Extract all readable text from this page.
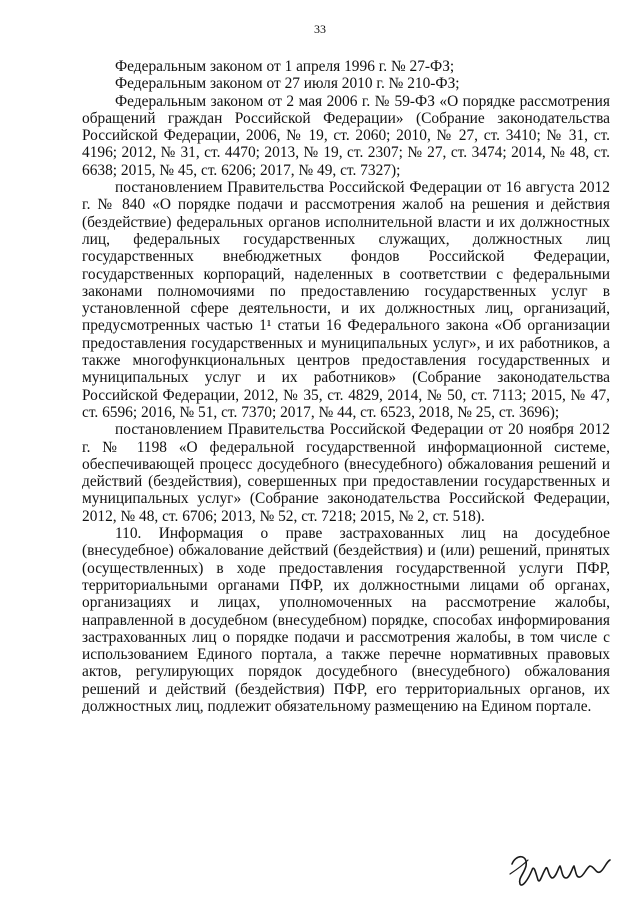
33

Федеральным законом от 1 апреля 1996 г. № 27-ФЗ;

Федеральным законом от 27 июля 2010 г. № 210-ФЗ;

Федеральным законом от 2 мая 2006 г. № 59-ФЗ «О порядке рассмотрения обращений граждан Российской Федерации» (Собрание законодательства Российской Федерации, 2006, № 19, ст. 2060; 2010, № 27, ст. 3410; № 31, ст. 4196; 2012, № 31, ст. 4470; 2013, № 19, ст. 2307; № 27, ст. 3474; 2014, № 48, ст. 6638; 2015, № 45, ст. 6206; 2017, № 49, ст. 7327);

постановлением Правительства Российской Федерации от 16 августа 2012 г. № 840 «О порядке подачи и рассмотрения жалоб на решения и действия (бездействие) федеральных органов исполнительной власти и их должностных лиц, федеральных государственных служащих, должностных лиц государственных внебюджетных фондов Российской Федерации, государственных корпораций, наделенных в соответствии с федеральными законами полномочиями по предоставлению государственных услуг в установленной сфере деятельности, и их должностных лиц, организаций, предусмотренных частью 1¹ статьи 16 Федерального закона «Об организации предоставления государственных и муниципальных услуг», и их работников, а также многофункциональных центров предоставления государственных и муниципальных услуг и их работников» (Собрание законодательства Российской Федерации, 2012, № 35, ст. 4829, 2014, № 50, ст. 7113; 2015, № 47, ст. 6596; 2016, № 51, ст. 7370; 2017, № 44, ст. 6523, 2018, № 25, ст. 3696);

постановлением Правительства Российской Федерации от 20 ноября 2012 г. № 1198 «О федеральной государственной информационной системе, обеспечивающей процесс досудебного (внесудебного) обжалования решений и действий (бездействия), совершенных при предоставлении государственных и муниципальных услуг» (Собрание законодательства Российской Федерации, 2012, № 48, ст. 6706; 2013, № 52, ст. 7218; 2015, № 2, ст. 518).

110. Информация о праве застрахованных лиц на досудебное (внесудебное) обжалование действий (бездействия) и (или) решений, принятых (осуществленных) в ходе предоставления государственной услуги ПФР, территориальными органами ПФР, их должностными лицами об органах, организациях и лицах, уполномоченных на рассмотрение жалобы, направленной в досудебном (внесудебном) порядке, способах информирования застрахованных лиц о порядке подачи и рассмотрения жалобы, в том числе с использованием Единого портала, а также перечне нормативных правовых актов, регулирующих порядок досудебного (внесудебного) обжалования решений и действий (бездействия) ПФР, его территориальных органов, их должностных лиц, подлежит обязательному размещению на Едином портале.
